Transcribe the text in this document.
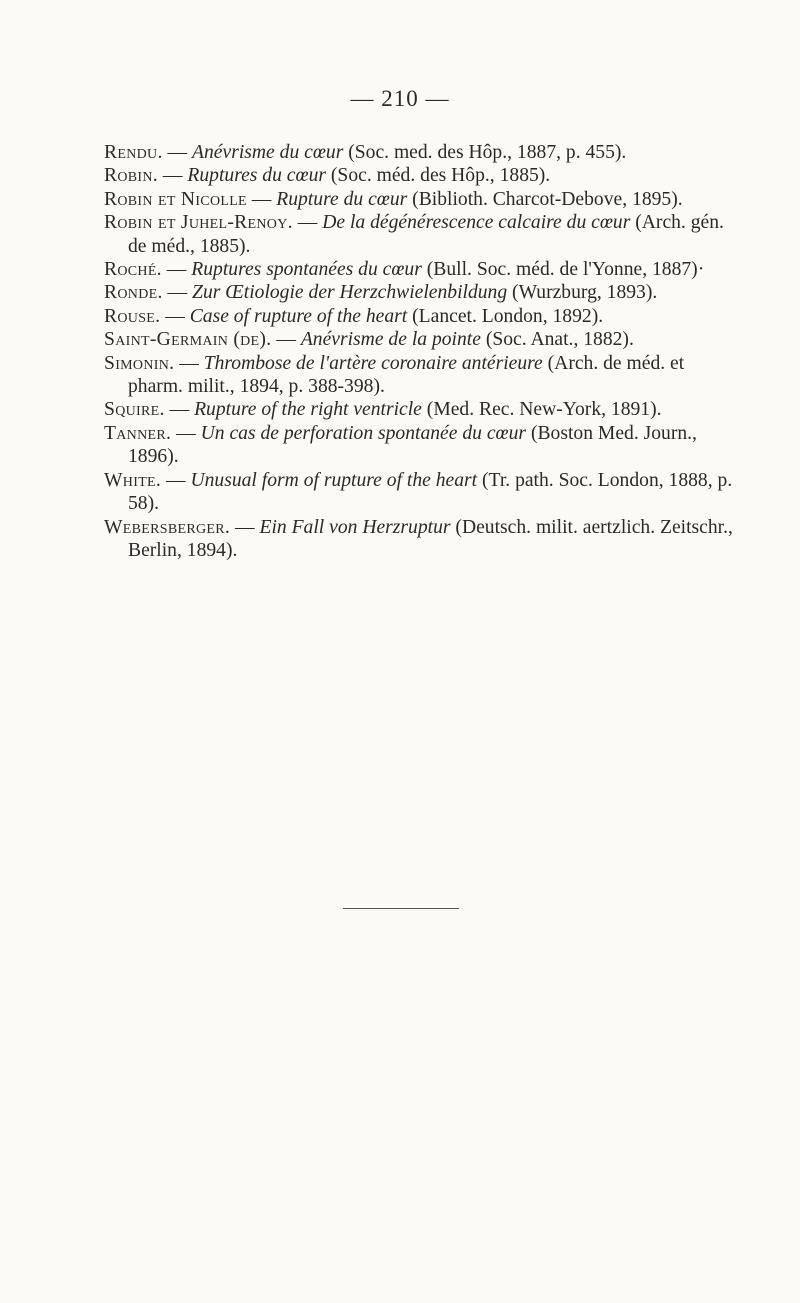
— 210 —

Rendu. — Anévrisme du cœur (Soc. med. des Hôp., 1887, p. 455).

Robin. — Ruptures du cœur (Soc. méd. des Hôp., 1885).

Robin et Nicolle — Rupture du cœur (Biblioth. Charcot-Debove, 1895).

Robin et Juhel-Renoy. — De la dégénérescence calcaire du cœur (Arch. gén. de méd., 1885).

Roché. — Ruptures spontanées du cœur (Bull. Soc. méd. de l'Yonne, 1887)·

Ronde. — Zur Œtiologie der Herzchwielenbildung (Wurzburg, 1893).

Rouse. — Case of rupture of the heart (Lancet. London, 1892).

Saint-Germain (de). — Anévrisme de la pointe (Soc. Anat., 1882).

Simonin. — Thrombose de l'artère coronaire antérieure (Arch. de méd. et pharm. milit., 1894, p. 388-398).

Squire. — Rupture of the right ventricle (Med. Rec. New-York, 1891).

Tanner. — Un cas de perforation spontanée du cœur (Boston Med. Journ., 1896).

White. — Unusual form of rupture of the heart (Tr. path. Soc. London, 1888, p. 58).

Webersberger. — Ein Fall von Herzruptur (Deutsch. milit. aertzlich. Zeitschr., Berlin, 1894).
